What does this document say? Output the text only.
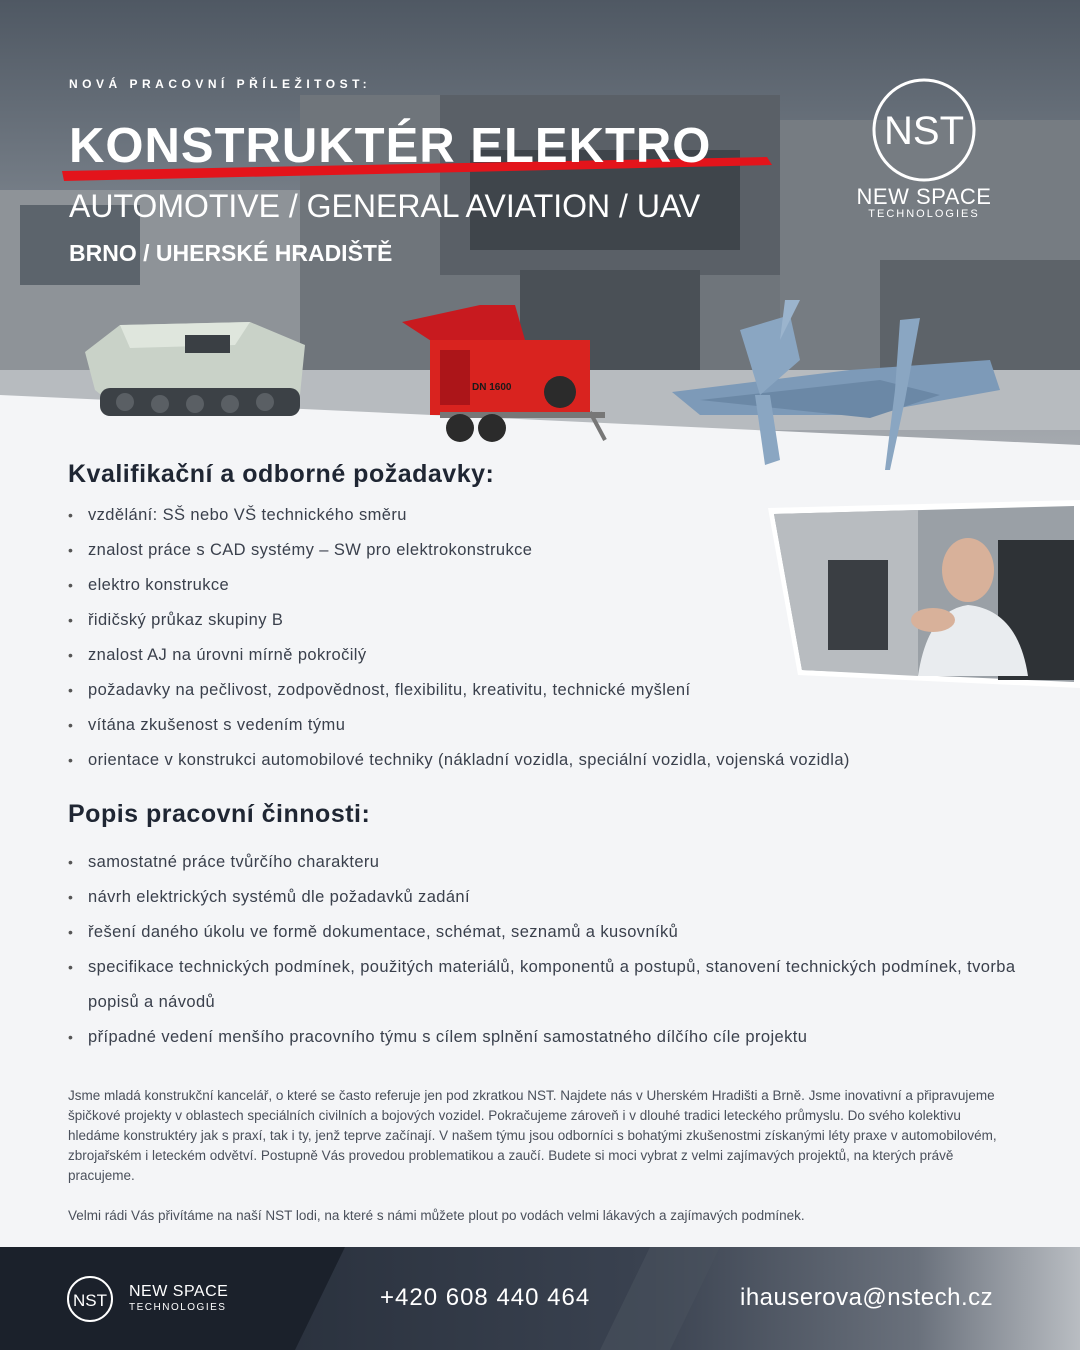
DN 1600
NOVÁ PRACOVNÍ PŘÍLEŽITOST:
KONSTRUKTÉR ELEKTRO
AUTOMOTIVE / GENERAL AVIATION / UAV
BRNO / UHERSKÉ HRADIŠTĚ
NST
NEW SPACE
TECHNOLOGIES
Kvalifikační a odborné požadavky:
• vzdělání: SŠ nebo VŠ technického směru
• znalost práce s CAD systémy – SW pro elektrokonstrukce
• elektro konstrukce
• řidičský průkaz skupiny B
• znalost AJ na úrovni mírně pokročilý
• požadavky na pečlivost, zodpovědnost, flexibilitu, kreativitu, technické myšlení
• vítána zkušenost s vedením týmu
• orientace v konstrukci automobilové techniky (nákladní vozidla, speciální vozidla, vojenská vozidla)
Popis pracovní činnosti:
• samostatné práce tvůrčího charakteru
• návrh elektrických systémů dle požadavků zadání
• řešení daného úkolu ve formě dokumentace, schémat, seznamů a kusovníků
• specifikace technických podmínek, použitých materiálů, komponentů a postupů, stanovení technických podmínek, tvorba popisů a návodů
• případné vedení menšího pracovního týmu s cílem splnění samostatného dílčího cíle projektu

Jsme mladá konstrukční kancelář, o které se často referuje jen pod zkratkou NST. Najdete nás v Uherském Hradišti a Brně. Jsme inovativní a připravujeme špičkové projekty v oblastech speciálních civilních a bojových vozidel. Pokračujeme zároveň i v dlouhé tradici leteckého průmyslu. Do svého kolektivu hledáme konstruktéry jak s praxí, tak i ty, jenž teprve začínají. V našem týmu jsou odborníci s bohatými zkušenostmi získanými léty praxe v automobilovém, zbrojařském i leteckém odvětví. Postupně Vás provedou problematikou a zaučí. Budete si moci vybrat z velmi zajímavých projektů, na kterých právě pracujeme.

Velmi rádi Vás přivítáme na naší NST lodi, na které s námi můžete plout po vodách velmi lákavých a zajímavých podmínek.

NST NEW SPACE
TECHNOLOGIES	+420 608 440 464	ihauserova@nstech.cz
